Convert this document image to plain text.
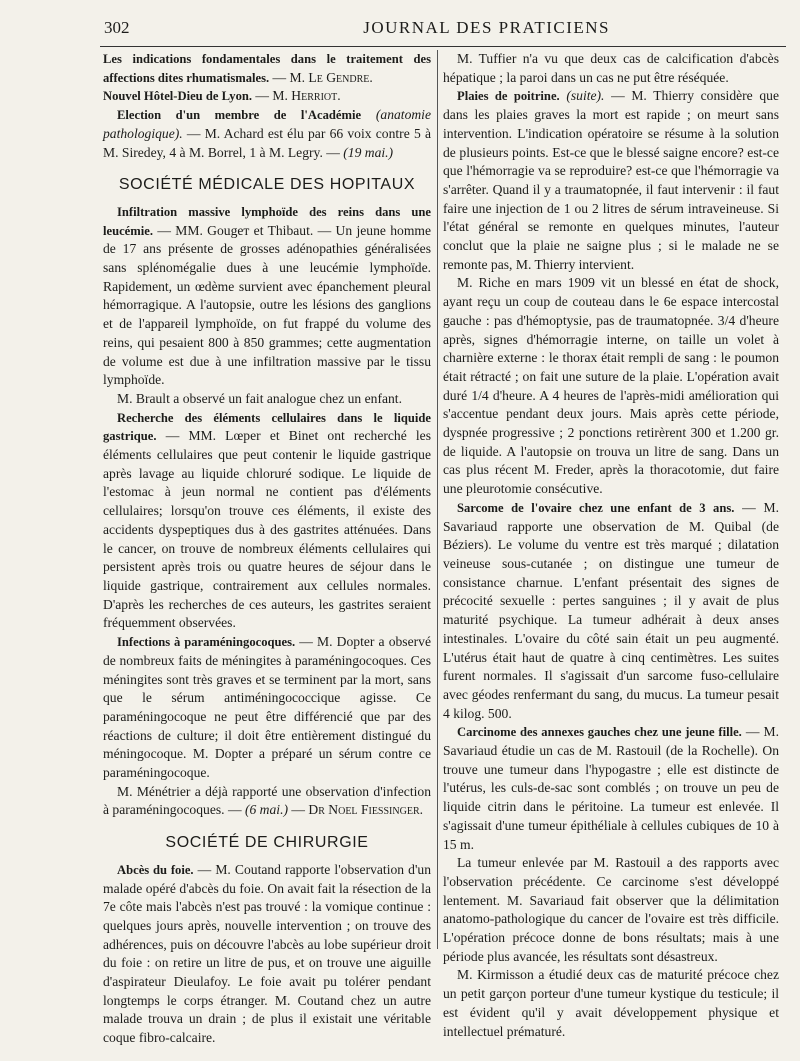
302	JOURNAL DES PRATICIENS

Les indications fondamentales dans le traitement des affections dites rhumatismales. — M. Le Gendre.

Nouvel Hôtel-Dieu de Lyon. — M. Herriot.

Election d'un membre de l'Académie (anatomie pathologique). — M. Achard est élu par 66 voix contre 5 à M. Siredey, 4 à M. Borrel, 1 à M. Legry. — (19 mai.)

SOCIÉTÉ MÉDICALE DES HOPITAUX

Infiltration massive lymphoïde des reins dans une leucémie. — MM. Gougет et Thibaut. — Un jeune homme de 17 ans présente de grosses adénopathies généralisées sans splénomégalie dues à une leucémie lymphoïde. Rapidement, un œdème survient avec épanchement pleural hémorragique. A l'autopsie, outre les lésions des ganglions et de l'appareil lymphoïde, on fut frappé du volume des reins, qui pesaient 800 à 850 grammes; cette augmentation de volume est due à une infiltration massive par le tissu lymphoïde.

M. Brault a observé un fait analogue chez un enfant.

Recherche des éléments cellulaires dans le liquide gastrique. — MM. Lœper et Binet ont recherché les éléments cellulaires que peut contenir le liquide gastrique après lavage au liquide chloruré sodique. Le liquide de l'estomac à jeun normal ne contient pas d'éléments cellulaires; lorsqu'on trouve ces éléments, il existe des accidents dyspeptiques dus à des gastrites atténuées. Dans le cancer, on trouve de nombreux éléments cellulaires qui persistent après trois ou quatre heures de séjour dans le liquide gastrique, contrairement aux cellules normales. D'après les recherches de ces auteurs, les gastrites seraient fréquemment observées.

Infections à paraméningocoques. — M. Dopter a observé de nombreux faits de méningites à paraméningocoques. Ces méningites sont très graves et se terminent par la mort, sans que le sérum antiméningococcique agisse. Ce paraméningocoque ne peut être différencié que par des réactions de culture; il doit être entièrement distingué du méningocoque. M. Dopter a préparé un sérum contre ce paraméningocoque.

M. Ménétrier a déjà rapporté une observation d'infection à paraméningocoques. — (6 mai.) — Dr Noel Fiessinger.

SOCIÉTÉ DE CHIRURGIE

Abcès du foie. — M. Coutand rapporte l'observation d'un malade opéré d'abcès du foie. On avait fait la résection de la 7e côte mais l'abcès n'est pas trouvé : la vomique continue : quelques jours après, nouvelle intervention ; on trouve des adhérences, puis on découvre l'abcès au lobe supérieur droit du foie : on retire un litre de pus, et on trouve une aiguille d'aspirateur Dieulafoy. Le foie avait pu tolérer pendant longtemps le corps étranger. M. Coutand chez un autre malade trouva un drain ; de plus il existait une véritable coque fibro-calcaire.

M. Tuffier n'a vu que deux cas de calcification d'abcès hépatique ; la paroi dans un cas ne put être réséquée.

Plaies de poitrine. (suite). — M. Thierry considère que dans les plaies graves la mort est rapide ; on meurt sans intervention. L'indication opératoire se résume à la solution de plusieurs points. Est-ce que le blessé saigne encore? est-ce que l'hémorragie va se reproduire? est-ce que l'hémorragie va s'arrêter. Quand il y a traumatopnée, il faut intervenir : il faut faire une injection de 1 ou 2 litres de sérum intraveineuse. Si l'état général se remonte en quelques minutes, l'auteur conclut que la plaie ne saigne plus ; si le malade ne se remonte pas, M. Thierry intervient.

M. Riche en mars 1909 vit un blessé en état de shock, ayant reçu un coup de couteau dans le 6e espace intercostal gauche : pas d'hémoptysie, pas de traumatopnée. 3/4 d'heure après, signes d'hémorragie interne, on taille un volet à charnière externe : le thorax était rempli de sang : le poumon était rétracté ; on fait une suture de la plaie. L'opération avait duré 1/4 d'heure. A 4 heures de l'après-midi amélioration qui s'accentue pendant deux jours. Mais après cette période, dyspnée progressive ; 2 ponctions retirèrent 300 et 1.200 gr. de liquide. A l'autopsie on trouva un litre de sang. Dans un cas plus récent M. Freder, après la thoracotomie, dut faire une pleurotomie consécutive.

Sarcome de l'ovaire chez une enfant de 3 ans. — M. Savariaud rapporte une observation de M. Quibal (de Béziers). Le volume du ventre est très marqué ; dilatation veineuse sous-cutanée ; on distingue une tumeur de consistance charnue. L'enfant présentait des signes de précocité sexuelle : pertes sanguines ; il y avait de plus maturité psychique. La tumeur adhérait à deux anses intestinales. L'ovaire du côté sain était un peu augmenté. L'utérus était haut de quatre à cinq centimètres. Les suites furent normales. Il s'agissait d'un sarcome fuso-cellulaire avec géodes renfermant du sang, du mucus. La tumeur pesait 4 kilog. 500.

Carcinome des annexes gauches chez une jeune fille. — M. Savariaud étudie un cas de M. Rastouil (de la Rochelle). On trouve une tumeur dans l'hypogastre ; elle est distincte de l'utérus, les culs-de-sac sont comblés ; on trouve un peu de liquide citrin dans le péritoine. La tumeur est enlevée. Il s'agissait d'une tumeur épithéliale à cellules cubiques de 10 à 15 m.

La tumeur enlevée par M. Rastouil a des rapports avec l'observation précédente. Ce carcinome s'est développé lentement. M. Savariaud fait observer que la délimitation anatomo-pathologique du cancer de l'ovaire est très difficile. L'opération précoce donne de bons résultats; mais à une période plus avancée, les résultats sont désastreux.

M. Kirmisson a étudié deux cas de maturité précoce chez un petit garçon porteur d'une tumeur kystique du testicule; il est évident qu'il y avait développement physique et intellectuel prématuré.
